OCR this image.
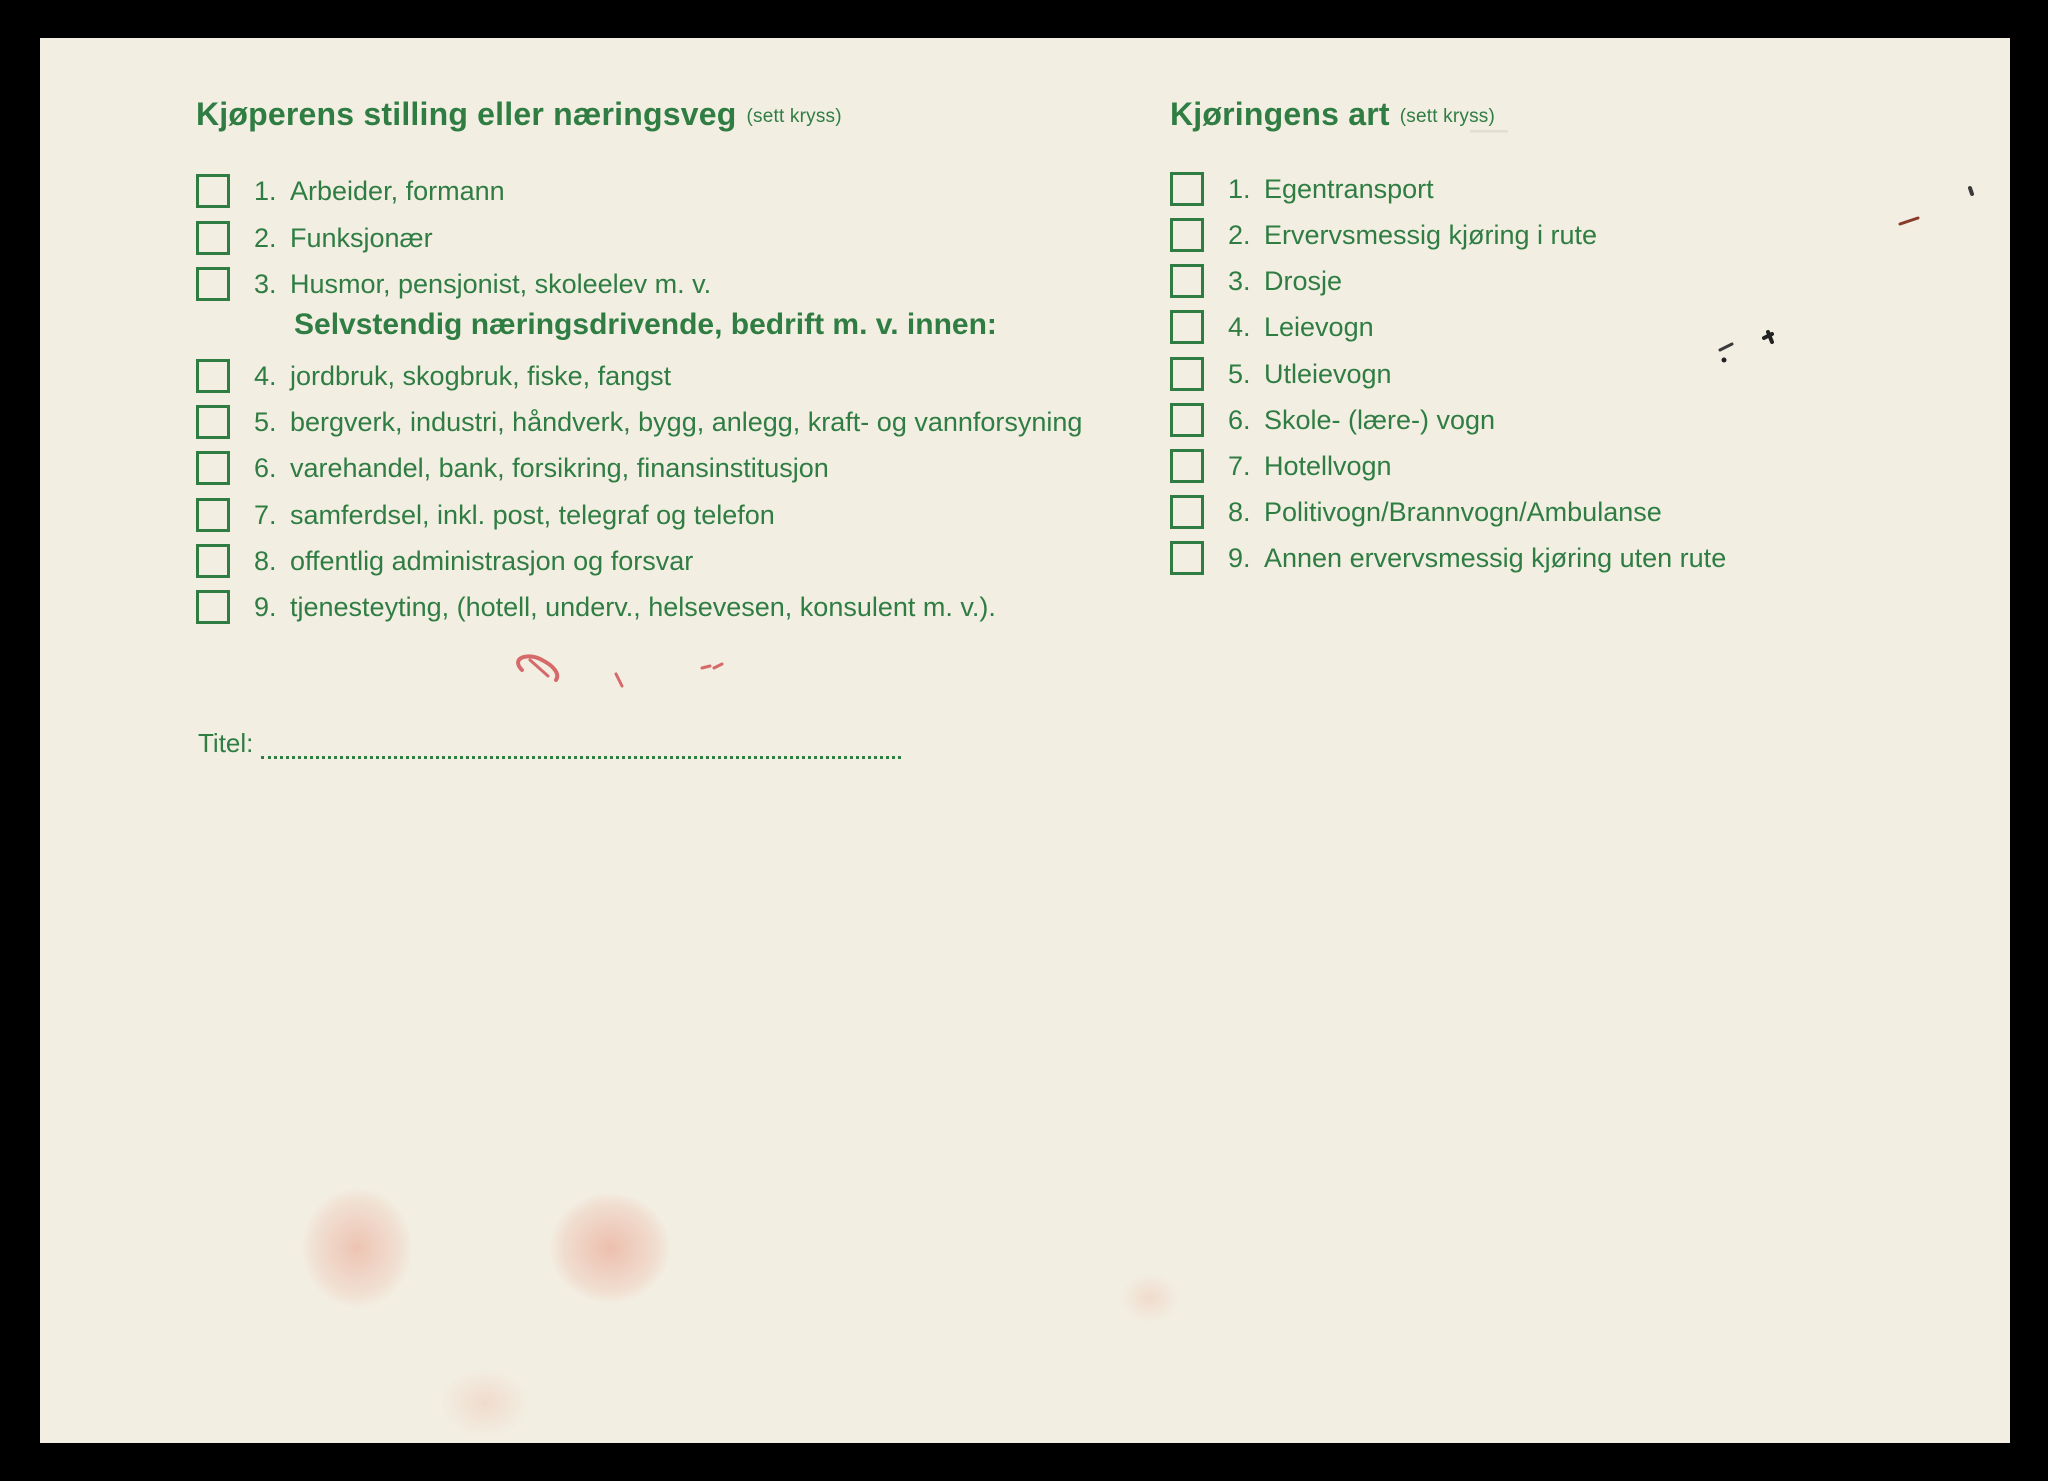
—
Kjøperens stilling eller næringsveg (sett kryss)
1. Arbeider, formann
2. Funksjonær
3. Husmor, pensjonist, skoleelev m. v.
Selvstendig næringsdrivende, bedrift m. v. innen:
4. jordbruk, skogbruk, fiske, fangst
5. bergverk, industri, håndverk, bygg, anlegg, kraft- og vannforsyning
6. varehandel, bank, forsikring, finansinstitusjon
7. samferdsel, inkl. post, telegraf og telefon
8. offentlig administrasjon og forsvar
9. tjenesteyting, (hotell, underv., helsevesen, konsulent m. v.).
Titel:
Kjøringens art (sett kryss)
1. Egentransport
2. Ervervsmessig kjøring i rute
3. Drosje
4. Leievogn
5. Utleievogn
6. Skole- (lære-) vogn
7. Hotellvogn
8. Politivogn/Brannvogn/Ambulanse
9. Annen ervervsmessig kjøring uten rute
